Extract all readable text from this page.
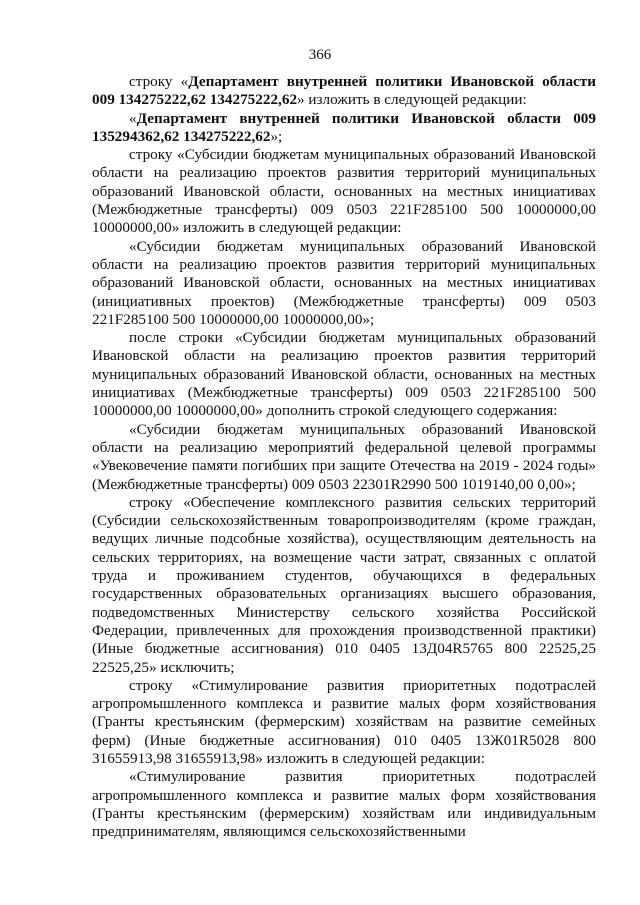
366

строку «Департамент внутренней политики Ивановской области 009 134275222,62 134275222,62» изложить в следующей редакции:

«Департамент внутренней политики Ивановской области 009 135294362,62 134275222,62»;

строку «Субсидии бюджетам муниципальных образований Ивановской области на реализацию проектов развития территорий муниципальных образований Ивановской области, основанных на местных инициативах (Межбюджетные трансферты) 009 0503 221F285100 500 10000000,00 10000000,00» изложить в следующей редакции:

«Субсидии бюджетам муниципальных образований Ивановской области на реализацию проектов развития территорий муниципальных образований Ивановской области, основанных на местных инициативах (инициативных проектов) (Межбюджетные трансферты) 009 0503 221F285100 500 10000000,00 10000000,00»;

после строки «Субсидии бюджетам муниципальных образований Ивановской области на реализацию проектов развития территорий муниципальных образований Ивановской области, основанных на местных инициативах (Межбюджетные трансферты) 009 0503 221F285100 500 10000000,00 10000000,00» дополнить строкой следующего содержания:

«Субсидии бюджетам муниципальных образований Ивановской области на реализацию мероприятий федеральной целевой программы «Увековечение памяти погибших при защите Отечества на 2019 - 2024 годы» (Межбюджетные трансферты) 009 0503 22301R2990 500 1019140,00 0,00»;

строку «Обеспечение комплексного развития сельских территорий (Субсидии сельскохозяйственным товаропроизводителям (кроме граждан, ведущих личные подсобные хозяйства), осуществляющим деятельность на сельских территориях, на возмещение части затрат, связанных с оплатой труда и проживанием студентов, обучающихся в федеральных государственных образовательных организациях высшего образования, подведомственных Министерству сельского хозяйства Российской Федерации, привлеченных для прохождения производственной практики) (Иные бюджетные ассигнования) 010 0405 13Д04R5765 800 22525,25 22525,25» исключить;

строку «Стимулирование развития приоритетных подотраслей агропромышленного комплекса и развитие малых форм хозяйствования (Гранты крестьянским (фермерским) хозяйствам на развитие семейных ферм) (Иные бюджетные ассигнования) 010 0405 13Ж01R5028 800 31655913,98 31655913,98» изложить в следующей редакции:

«Стимулирование развития приоритетных подотраслей агропромышленного комплекса и развитие малых форм хозяйствования (Гранты крестьянским (фермерским) хозяйствам или индивидуальным предпринимателям, являющимся сельскохозяйственными
